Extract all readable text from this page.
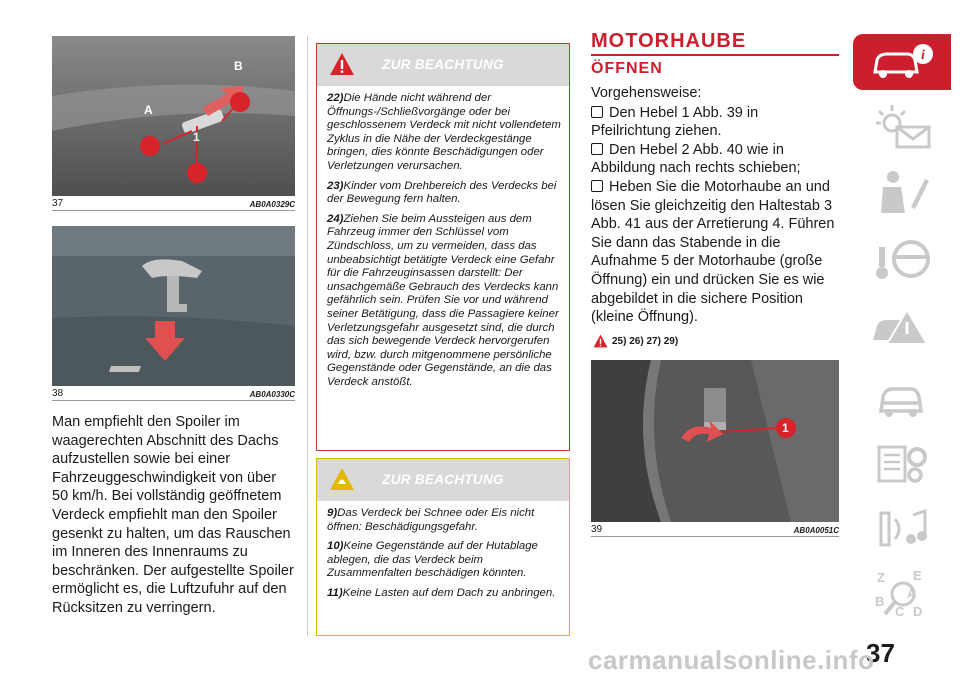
A
B
1
37	AB0A0329C
38	AB0A0330C
Man empfiehlt den Spoiler im waagerechten Abschnitt des Dachs aufzustellen sowie bei einer Fahrzeuggeschwindigkeit von über 50 km/h. Bei vollständig geöffnetem Verdeck empfiehlt man den Spoiler gesenkt zu halten, um das Rauschen im Inneren des Innenraums zu beschränken. Der aufgestellte Spoiler ermöglicht es, die Luftzufuhr auf den Rücksitzen zu verringern.
ZUR BEACHTUNG

22)Die Hände nicht während der Öffnungs-/Schließvorgänge oder bei geschlossenem Verdeck mit nicht vollendetem Zyklus in die Nähe der Verdeckgestänge bringen, dies könnte Beschädigungen oder Verletzungen verursachen.

23)Kinder vom Drehbereich des Verdecks bei der Bewegung fern halten.

24)Ziehen Sie beim Aussteigen aus dem Fahrzeug immer den Schlüssel vom Zündschloss, um zu vermeiden, dass das unbeabsichtigt betätigte Verdeck eine Gefahr für die Fahrzeuginsassen darstellt: Der unsachgemäße Gebrauch des Verdecks kann gefährlich sein. Prüfen Sie vor und während seiner Betätigung, dass die Passagiere keiner Verletzungsgefahr ausgesetzt sind, die durch das sich bewegende Verdeck hervorgerufen wird, bzw. durch mitgenommene persönliche Gegenstände oder Gegenstände, an die das Verdeck anstößt.

ZUR BEACHTUNG

9)Das Verdeck bei Schnee oder Eis nicht öffnen: Beschädigungsgefahr.

10)Keine Gegenstände auf der Hutablage ablegen, die das Verdeck beim Zusammenfalten beschädigen könnten.

11)Keine Lasten auf dem Dach zu anbringen.

MOTORHAUBE
ÖFFNEN
Vorgehensweise:
Den Hebel 1 Abb. 39 in Pfeilrichtung ziehen.
Den Hebel 2 Abb. 40 wie in Abbildung nach rechts schieben;
Heben Sie die Motorhaube an und lösen Sie gleichzeitig den Haltestab 3 Abb. 41 aus der Arretierung 4. Führen Sie dann das Stabende in die Aufnahme 5 der Motorhaube (große Öffnung) ein und drücken Sie es wie abgebildet in die sichere Position (kleine Öffnung).
25) 26) 27) 29)
1
39	AB0A0051C
i
Z E
B
C D
A
37
carmanualsonline.info
